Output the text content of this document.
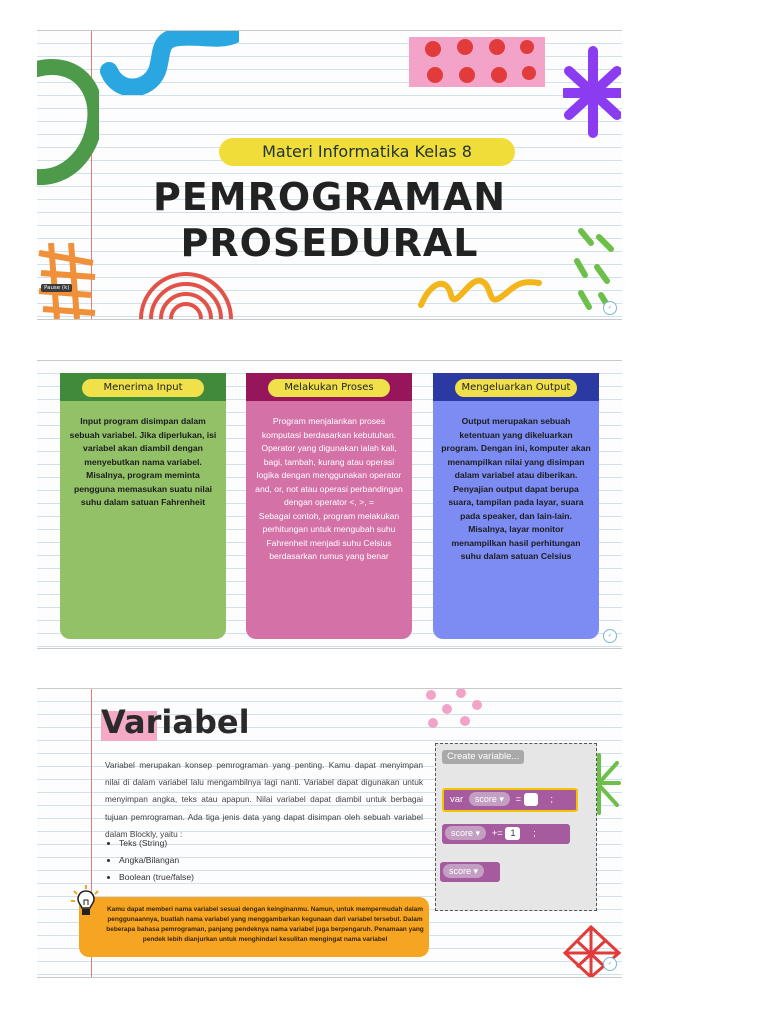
Materi Informatika Kelas 8
PEMROGRAMAN
PROSEDURAL
Pause (k)
✓
Menerima Input
Input program disimpan dalam sebuah variabel. Jika diperlukan, isi variabel akan diambil dengan menyebutkan nama variabel. Misalnya, program meminta pengguna memasukan suatu nilai suhu dalam satuan Fahrenheit
Melakukan Proses
Program menjalankan proses komputasi berdasarkan kebutuhan. Operator yang digunakan ialah kali, bagi, tambah, kurang atau operasi logika dengan menggunakan operator and, or, not atau operasi perbandingan dengan operator <, >, =
Sebagai contoh, program melakukan perhitungan untuk mengubah suhu Fahrenheit menjadi suhu Celsius berdasarkan rumus yang benar
Mengeluarkan Output
Output merupakan sebuah ketentuan yang dikeluarkan program. Dengan ini, komputer akan menampilkan nilai yang disimpan dalam variabel atau diberikan. Penyajian output dapat berupa suara, tampilan pada layar, suara pada speaker, dan lain-lain. Misalnya, layar monitor menampilkan hasil perhitungan suhu dalam satuan Celsius
✓
Variabel
Variabel merupakan konsep pemrograman yang penting. Kamu dapat menyimpan nilai di dalam variabel lalu mengambilnya lagi nanti. Variabel dapat digunakan untuk menyimpan angka, teks atau apapun. Nilai variabel dapat diambil untuk berbagai tujuan pemrograman. Ada tiga jenis data yang dapat disimpan oleh sebuah variabel dalam Blockly, yaitu :
• Teks (String)
• Angka/Bilangan
• Boolean (true/false)
Kamu dapat memberi nama variabel sesuai dengan keinginanmu. Namun, untuk mempermudah dalam penggunaannya, buatlah nama variabel yang menggambarkan kegunaan dari variabel tersebut. Dalam beberapa bahasa pemrograman, panjang pendeknya nama variabel juga berpengaruh. Penamaan yang pendek lebih dianjurkan untuk menghindari kesulitan mengingat nama variabel
Create variable...
var score ▾ =	;
score ▾ += 1 ;
score ▾
✓
